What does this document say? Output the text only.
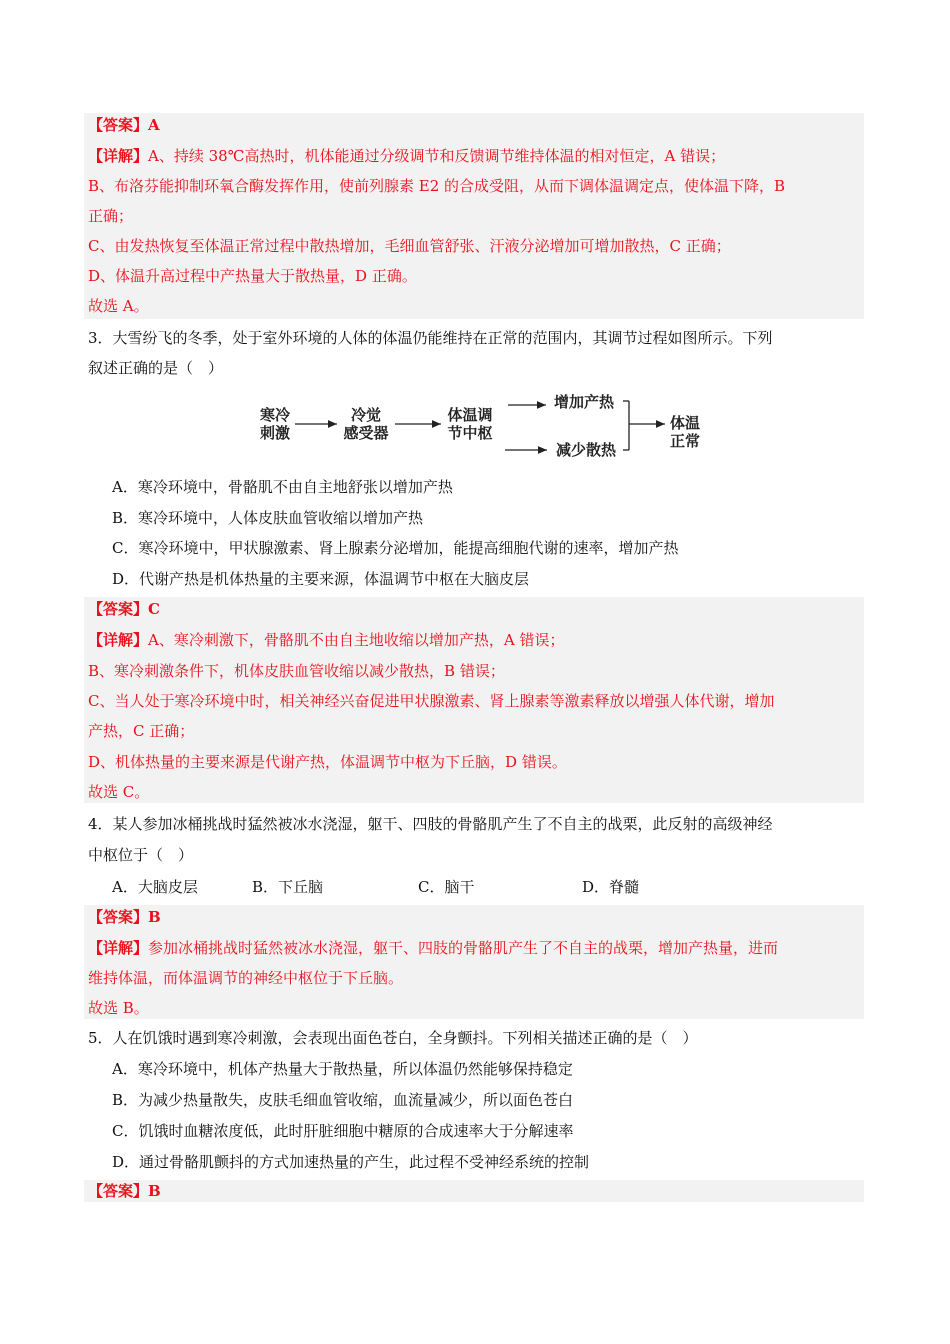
【答案】A
【详解】A、持续 38℃高热时，机体能通过分级调节和反馈调节维持体温的相对恒定，A 错误；
B、布洛芬能抑制环氧合酶发挥作用，使前列腺素 E2 的合成受阻，从而下调体温调定点，使体温下降，B
正确；
C、由发热恢复至体温正常过程中散热增加，毛细血管舒张、汗液分泌增加可增加散热，C 正确；
D、体温升高过程中产热量大于散热量，D 正确。
故选 A。
3．大雪纷飞的冬季，处于室外环境的人体的体温仍能维持在正常的范围内，其调节过程如图所示。下列
叙述正确的是（　）
寒冷
刺激
冷觉
感受器
体温调
节中枢
增加产热
减少散热
体温
正常
A．寒冷环境中，骨骼肌不由自主地舒张以增加产热
B．寒冷环境中，人体皮肤血管收缩以增加产热
C．寒冷环境中，甲状腺激素、肾上腺素分泌增加，能提高细胞代谢的速率，增加产热
D．代谢产热是机体热量的主要来源，体温调节中枢在大脑皮层
【答案】C
【详解】A、寒冷刺激下，骨骼肌不由自主地收缩以增加产热，A 错误；
B、寒冷刺激条件下，机体皮肤血管收缩以减少散热，B 错误；
C、当人处于寒冷环境中时，相关神经兴奋促进甲状腺激素、肾上腺素等激素释放以增强人体代谢，增加
产热，C 正确；
D、机体热量的主要来源是代谢产热，体温调节中枢为下丘脑，D 错误。
故选 C。
4．某人参加冰桶挑战时猛然被冰水浇湿，躯干、四肢的骨骼肌产生了不自主的战栗，此反射的高级神经
中枢位于（　）
A．大脑皮层	B．下丘脑	C．脑干	D．脊髓
【答案】B
【详解】参加冰桶挑战时猛然被冰水浇湿，躯干、四肢的骨骼肌产生了不自主的战栗，增加产热量，进而
维持体温，而体温调节的神经中枢位于下丘脑。
故选 B。
5．人在饥饿时遇到寒冷刺激，会表现出面色苍白，全身颤抖。下列相关描述正确的是（　）
A．寒冷环境中，机体产热量大于散热量，所以体温仍然能够保持稳定
B．为减少热量散失，皮肤毛细血管收缩，血流量减少，所以面色苍白
C．饥饿时血糖浓度低，此时肝脏细胞中糖原的合成速率大于分解速率
D．通过骨骼肌颤抖的方式加速热量的产生，此过程不受神经系统的控制
【答案】B
